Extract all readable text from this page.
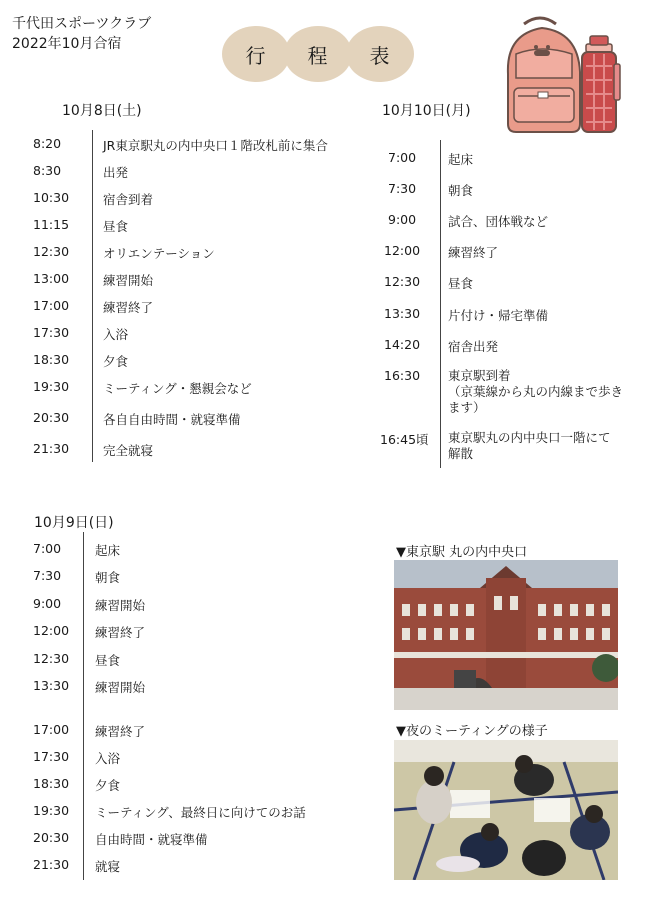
千代田スポーツクラブ
2022年10月合宿	行	程	表
10月8日(土)
8:20	JR東京駅丸の内中央口１階改札前に集合
8:30	出発
10:30	宿舎到着
11:15	昼食
12:30	オリエンテーション
13:00	練習開始
17:00	練習終了
17:30	入浴
18:30	夕食
19:30	ミーティング・懇親会など
20:30	各自自由時間・就寝準備
21:30	完全就寝
10月10日(月)
7:00	起床
7:30	朝食
9:00	試合、団体戦など
12:00 練習終了
12:30 昼食
13:30 片付け・帰宅準備
14:20 宿舎出発
16:30 東京駅到着
（京葉線から丸の内線まで歩き
ます）
16:45頃 東京駅丸の内中央口一階にて
解散
10月9日(日)
7:00	起床
7:30	朝食
9:00	練習開始
12:00 練習終了
12:30 昼食
13:30 練習開始
17:00 練習終了
17:30 入浴
18:30 夕食
19:30 ミーティング、最終日に向けてのお話
20:30 自由時間・就寝準備
21:30 就寝
▼東京駅 丸の内中央口
▼夜のミーティングの様子
